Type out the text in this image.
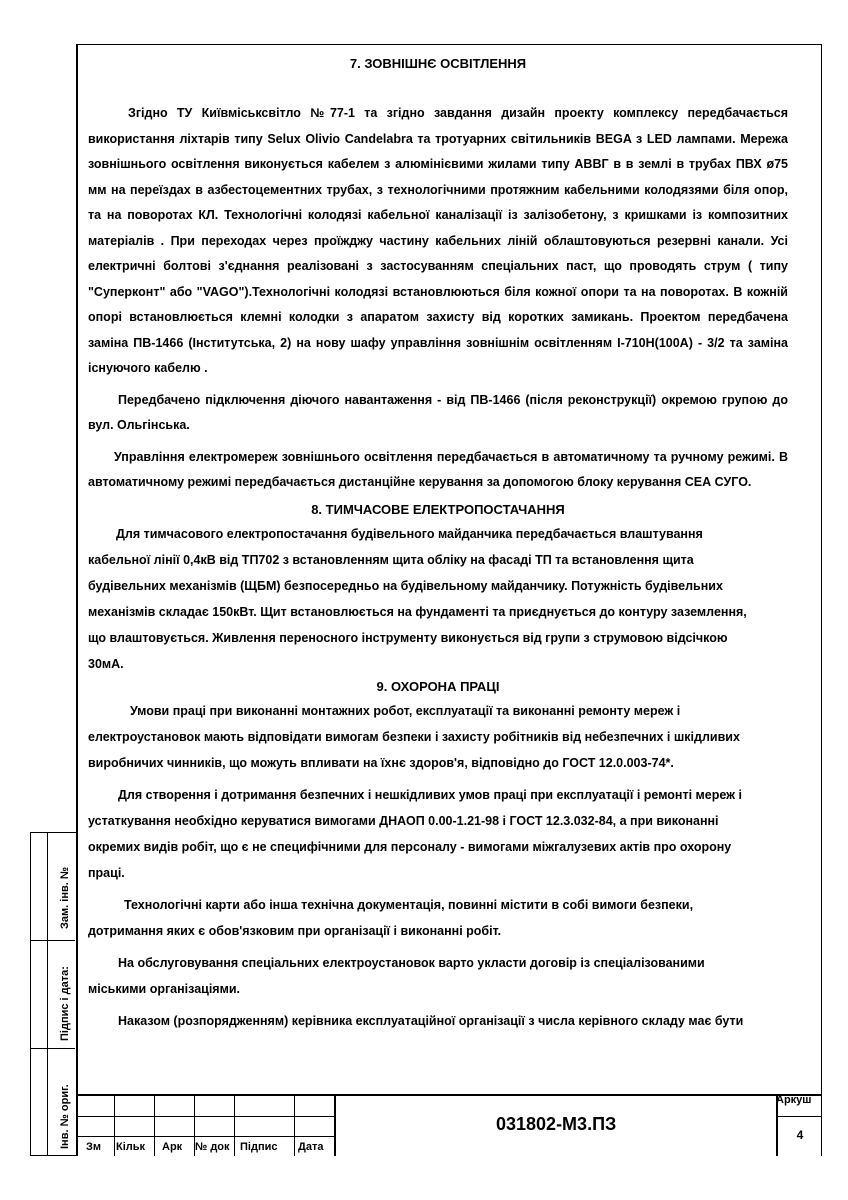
Зам. інв. №
Підпис і дата:
Інв. № ориг.
7. ЗОВНІШНЄ ОСВІТЛЕННЯ

Згідно ТУ Київміськсвітло №77-1 та згідно завдання дизайн проекту комплексу передбачається використання ліхтарів типу Selux Olivio Candelabra та тротуарних світильників BEGA з LED лампами. Мережа зовнішнього освітлення виконується кабелем з алюмінієвими жилами типу АВВГ в в землі в трубах ПВХ ø75 мм на переїздах в азбестоцементних трубах, з технологічними протяжним кабельними колодязями біля опор, та на поворотах КЛ. Технологічні колодязі кабельної каналізації із залізобетону, з кришками із композитних матеріалів . При переходах через проїжджу частину кабельних ліній облаштовуються резервні канали. Усі електричні болтові з'єднання реалізовані з застосуванням спеціальних паст, що проводять струм ( типу "Суперконт" або "VAGO").Технологічні колодязі встановлюються біля кожної опори та на поворотах. В кожній опорі встановлюється клемні колодки з апаратом захисту від коротких замикань. Проектом передбачена заміна ПВ-1466 (Інститутська, 2) на нову шафу управління зовнішнім освітленням І-710Н(100А) - 3/2 та заміна існуючого кабелю .

Передбачено підключення діючого навантаження - від ПВ-1466 (після реконструкції) окремою групою до вул. Ольгінська.

Управління електромереж зовнішнього освітлення передбачається в автоматичному та ручному режимі. В автоматичному режимі передбачається дистанційне керування за допомогою блоку керування СЕА СУГО.

8. ТИМЧАСОВЕ ЕЛЕКТРОПОСТАЧАННЯ
Для тимчасового електропостачання будівельного майданчика передбачається влаштування
кабельної лінії 0,4кВ від ТП702 з встановленням щита обліку на фасаді ТП та встановлення щита
будівельних механізмів (ЩБМ) безпосередньо на будівельному майданчику. Потужність будівельних
механізмів складає 150кВт. Щит встановлюється на фундаменті та приєднується до контуру заземлення,
що влаштовується. Живлення переносного інструменту виконується від групи з струмовою відсічкою
30мА.
9. ОХОРОНА ПРАЦІ
Умови праці при виконанні монтажних робот, експлуатації та виконанні ремонту мереж і
електроустановок мають відповідати вимогам безпеки і захисту робітників від небезпечних і шкідливих
виробничих чинників, що можуть впливати на їхнє здоров'я, відповідно до ГОСТ 12.0.003-74*.
Для створення і дотримання безпечних і нешкідливих умов праці при експлуатації і ремонті мереж і
устаткування необхідно керуватися вимогами ДНАОП 0.00-1.21-98 і ГОСТ 12.3.032-84, а при виконанні
окремих видів робіт, що є не специфічними для персоналу - вимогами міжгалузевих актів про охорону
праці.
Технологічні карти або інша технічна документація, повинні містити в собі вимоги безпеки,
дотримання яких є обов'язковим при організації і виконанні робіт.
На обслуговування спеціальних електроустановок варто укласти договір із спеціалізованими
міськими організаціями.
Наказом (розпорядженням) керівника експлуатаційної організації з числа керівного складу має бути
Зм Кільк Арк № док Підпис Дата
031802-М3.ПЗ
Аркуш
4
